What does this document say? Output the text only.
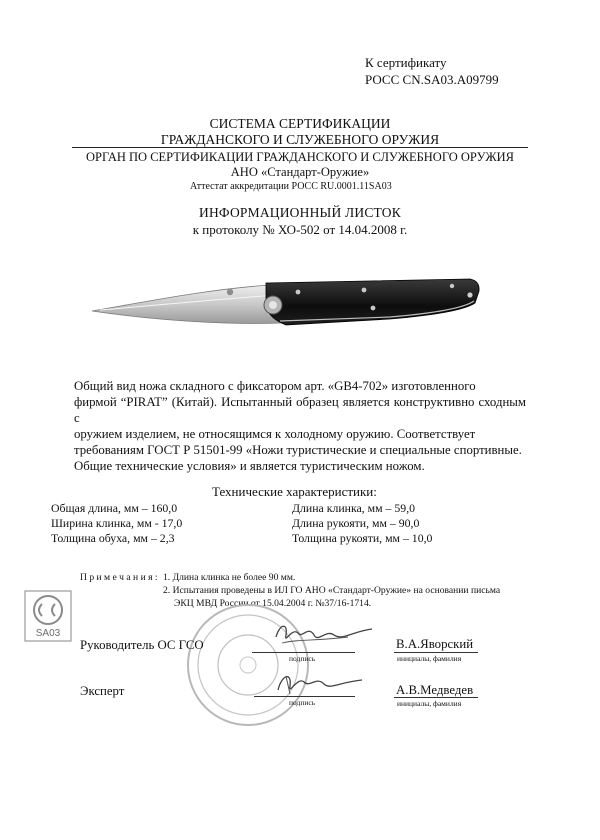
К сертификату
РОСС CN.SA03.A09799
СИСТЕМА СЕРТИФИКАЦИИ
ГРАЖДАНСКОГО И СЛУЖЕБНОГО ОРУЖИЯ
ОРГАН ПО СЕРТИФИКАЦИИ ГРАЖДАНСКОГО И СЛУЖЕБНОГО ОРУЖИЯ
АНО «Стандарт-Оружие»
Аттестат аккредитации РОСС RU.0001.11SA03
ИНФОРМАЦИОННЫЙ ЛИСТОК
к протоколу № ХО-502 от 14.04.2008 г.
Общий вид ножа складного с фиксатором арт. «GB4-702» изготовленного
фирмой “PIRAT” (Китай). Испытанный образец является конструктивно сходным с
оружием изделием, не относящимся к холодному оружию. Соответствует
требованиям ГОСТ Р 51501-99 «Ножи туристические и специальные спортивные.
Общие технические условия» и является туристическим ножом.
Технические характеристики:
Общая длина, мм – 160,0
Ширина клинка, мм - 17,0
Толщина обуха, мм – 2,3
Длина клинка, мм – 59,0
Длина рукояти, мм – 90,0
Толщина рукояти, мм – 10,0
П р и м е ч а н и я : 1. Длина клинка не более 90 мм.
2. Испытания проведены в ИЛ ГО АНО «Стандарт-Оружие» на основании письма
ЭКЦ МВД России от 15.04.2004 г. №37/16-1714.
SA03
Руководитель ОС ГСО
подпись
В.А.Яворский
инициалы, фамилия
Эксперт
подпись
А.В.Медведев
инициалы, фамилия
